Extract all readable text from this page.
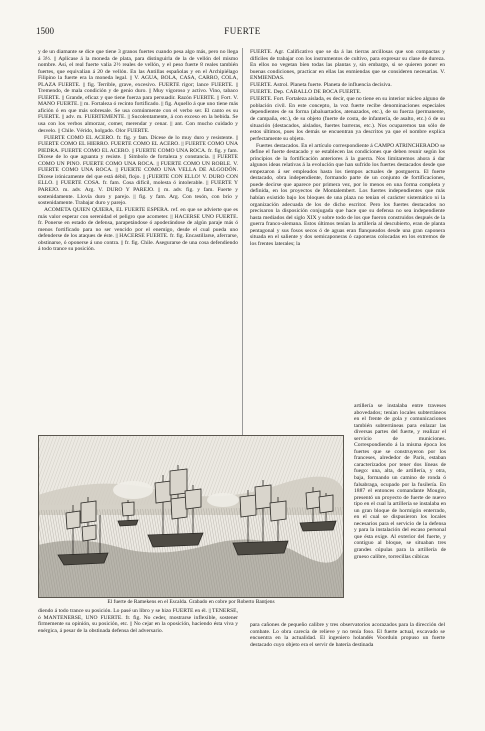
1500	FUERTE

y de un diamante se dice que tiene 3 granos fuertes cuando pesa algo más, pero no llega á 3½. || Aplícase á la moneda de plata, para distinguirla de la de vellón del mismo nombre. Así, el real fuerte valía 2½ reales de vellón, y el peso fuerte 8 reales también fuertes, que equivalían á 20 de vellón. En las Antillas españolas y en el Archipiélago Filipino la fuerte era la moneda legal. || V. AGUA, BOLA, CASA, CARRO, COLA, PLAZA FUERTE. || fig. Terrible, grave, excesivo. FUERTE rigor; lance FUERTE. || Tremendo, de mala condición y de genio duro. || Muy vigoroso y activo. Vino, tabaco FUERTE. || Grande, eficaz y que tiene fuerza para persuadir. Razón FUERTE. || Fort. V. MANO FUERTE. || m. Fortaleza ó recinto fortificado. || fig. Aquello á que uno tiene más afición ó en que más sobresale. Se usa comúnmente con el verbo ser. El canto es su FUERTE. || adv. m. FUERTEMENTE. || Sucolentamente, á con exceso en la bebida. Se usa con los verbos almorzar, comer, merendar y cenar. || ant. Con mucho cuidado y desvelo. || Chile. Vérido, holgado. Olor FUERTE.

FUERTE COMO EL ACERO. fr. fig. y fam. Dícese de lo muy duro y resistente. || FUERTE COMO EL HIERRO. FUERTE COMO EL ACERO. || FUERTE COMO UNA PIEDRA. FUERTE COMO EL ACERO. || FUERTE COMO UNA ROCA. fr. fig. y fam. Dícese de lo que aguanta y resiste. || Símbolo de fortaleza y constancia. || FUERTE COMO UN PINO. FUERTE COMO UNA ROCA. || FUERTE COMO UN ROBLE. V. FUERTE COMO UNA ROCA. || FUERTE COMO UNA VELLA DE ALGODÓN. Dícese irónicamente del que está débil, flojo. || ¡FUERTE CON ELLO! V. DURO CON ELLO. || FUERTE COSA. fr. fam. Cosa difícil, molesta ó intolerable. || FUERTE Y PAREJO. m. adv. Arg. V. DURO Y PAREJO. || m. adv. fig. y fam. Fuerte y sostenidamente. Llovía duro y parejo. || fig. y fam. Arg. Con tesón, con brío y sostenidamente. Trabajar duro y parejo.

ACOMETA QUIEN QUIERA, EL FUERTE ESPERA. ref. en que se advierte que es más valor esperar con serenidad el peligro que acometer. || HACERSE UNO FUERTE. fr. Ponerse en estado de defensa, parapetándose ó apoderándose de algún paraje más ó menos fortificado para no ser vencido por el enemigo, desde el cual pueda uno defenderse de los ataques de éste. || HACERSE FUERTE. fr. fig. Encastillarse, aferrarse, obstinarse, ó oponerse á uno contra. || fr. fig. Chile. Asegurarse de una cosa defendiendo á todo trance su posición.

FUERTE. Agr. Calificativo que se da á las tierras arcillosas que son compactas y difíciles de trabajar con los instrumentos de cultivo, para expresar su clase de dureza. En ellos no vegetan bien todas las plantas y, sin embargo, si se quieren poner en buenas condiciones, practicar en ellas las enmiendas que se consideren necesarias. V. ENMIENDAS.

FUERTE. Astrol. Planeta fuerte. Planeta de influencia decisiva.

FUERTE. Dep. CABALLO DE BOCA FUERTE.

FUERTE. Fort. Fortaleza aislada, es decir, que no tiene en su interior núcleo alguno de población civil. En este concepto, la voz fuerte recibe denominaciones especiales dependientes de su forma (abaluartados, atenazados, etc.), de su fuerza (permanente, de campaña, etc.), de su objeto (fuerte de costa, de infantería, de asalto, etc.) ó de su situación (destacados, aislados, fuertes barreras, etc.). Nos ocuparemos tan sólo de estos últimos, pues los demás se encuentran ya descritos ya que el nombre explica perfectamente su objeto.

Fuertes destacados. En el artículo correspondiente á CAMPO ATRINCHERADO se define el fuerte destacado y se establecen las condiciones que deben reunir según los principios de la fortificación anteriores á la guerra. Nos limitaremos ahora á dar algunos ideas relativas á la evolución que han sufrido los fuertes destacados desde que empezaron á ser empleados hasta los tiempos actuales de postguerra. El fuerte destacado, obra independiente, formando parte de un conjunto de fortificaciones, puede decirse que aparece por primera vez, por lo menos en una forma completa y definida, en los proyectos de Montalembert. Los fuertes independientes que más habían existido bajo los bloques de una plaza no tenían el carácter sistemático ni la organización adecuada de los de dicho escritor. Pero los fuertes destacados no precisaron la disposición conjugada que hace que su defensa no sea independiente hasta mediados del siglo XIX y sobre todo de los que fueron construidos después de la guerra franco-alemana. Estos últimos tenían la artillería al descubierto, eran de planta pentagonal y sus fosos secos ó de aguas eran flanqueados desde una gran caponera situada en el saliente y dos semicaponeras ó caponeras colocadas en los extremos de los frentes laterales; la

El fuerte de Ramekens en el Escalda. Grabado en cobre por Roberto Bantjens

artillería se instalaba entre traveses abovedados; tenían locales subterráneos en el frente de gola y comunicaciones también subterráneas para enlazar las diversas partes del fuerte, y realizar el servicio de municiones. Correspondiendo á la misma época los fuertes que se construyeron por los franceses, alrededor de París, estaban caracterizados por tener dos líneas de fuego: una, alta, de artillería, y otra, baja, formando un camino de ronda ó falsabraga, ocupado por la fusilería. En 1887 el entonces comandante Mougin, presentó un proyecto de fuerte de nuevo tipo en el cual la artillería se instalaba en un gran bloque de hormigón enterrado, en el cual se dispusieron los locales necesarios para el servicio de la defensa y para la instalación del escaso personal que ésta exige. Al exterior del fuerte, y contiguo al bloque, se situaban tres grandes cúpulas para la artillería de grueso calibre, torrecillas cúbicas

diendo á todo trance su posición. Lo pasé un libro y se hizo FUERTE en él. || TENERSE, ó MANTENERSE, UNO FUERTE. fr. fig. No ceder, mostrarse inflexible, sostener firmemente su opinión, su posición, etc. || No cejar en la oposición, haciendo ésta viva y enérgica, á pesar de la obstinada defensa del adversario.

para cañones de pequeño calibre y tres observatorios acorazados para la dirección del combate. Lo obra carecía de relieve y no tenía foso. El fuerte actual, excavado se encuentra en la actualidad. El ingeniero holandés Voorduin propuso un fuerte destacado cuyo objeto era el servir de batería destinada
